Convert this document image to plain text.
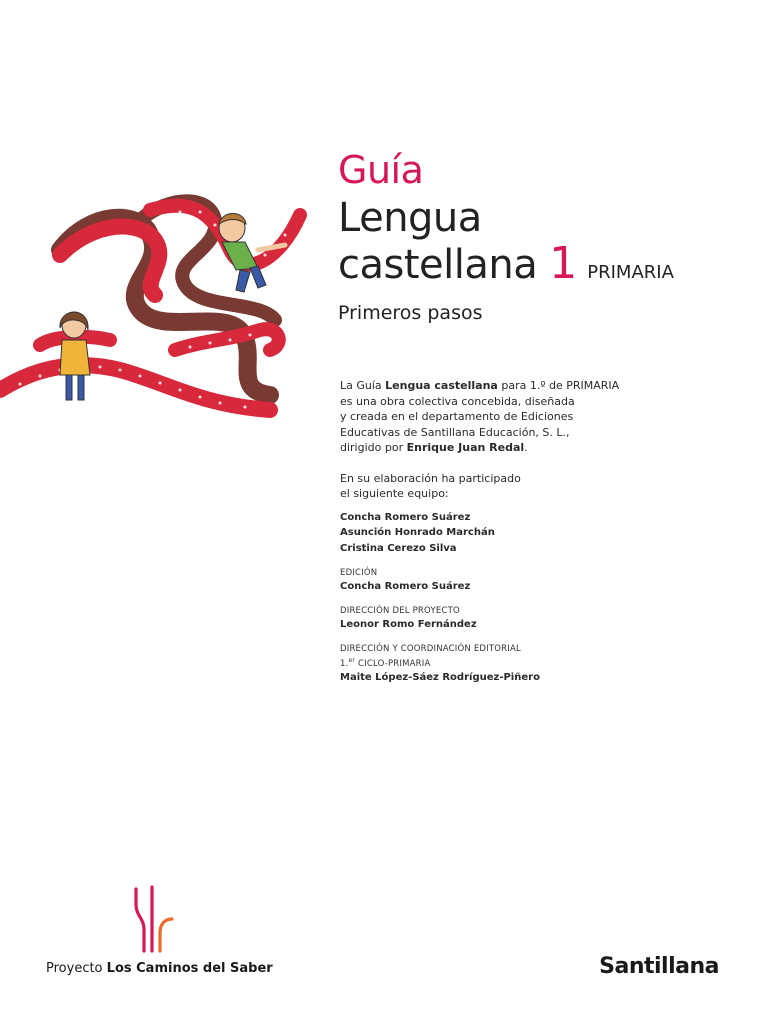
Guía
Lengua
castellana 1 PRIMARIA
Primeros pasos

La Guía Lengua castellana para 1.º de PRIMARIA

es una obra colectiva concebida, diseñada

y creada en el departamento de Ediciones

Educativas de Santillana Educación, S. L.,

dirigido por Enrique Juan Redal.

En su elaboración ha participado

el siguiente equipo:

Concha Romero Suárez

Asunción Honrado Marchán

Cristina Cerezo Silva

EDICIÓN

Concha Romero Suárez

DIRECCIÓN DEL PROYECTO

Leonor Romo Fernández

DIRECCIÓN Y COORDINACIÓN EDITORIAL

1.$^{er}$ CICLO-PRIMARIA

Maite López-Sáez Rodríguez-Piñero

Proyecto Los Caminos del Saber	Santillana
